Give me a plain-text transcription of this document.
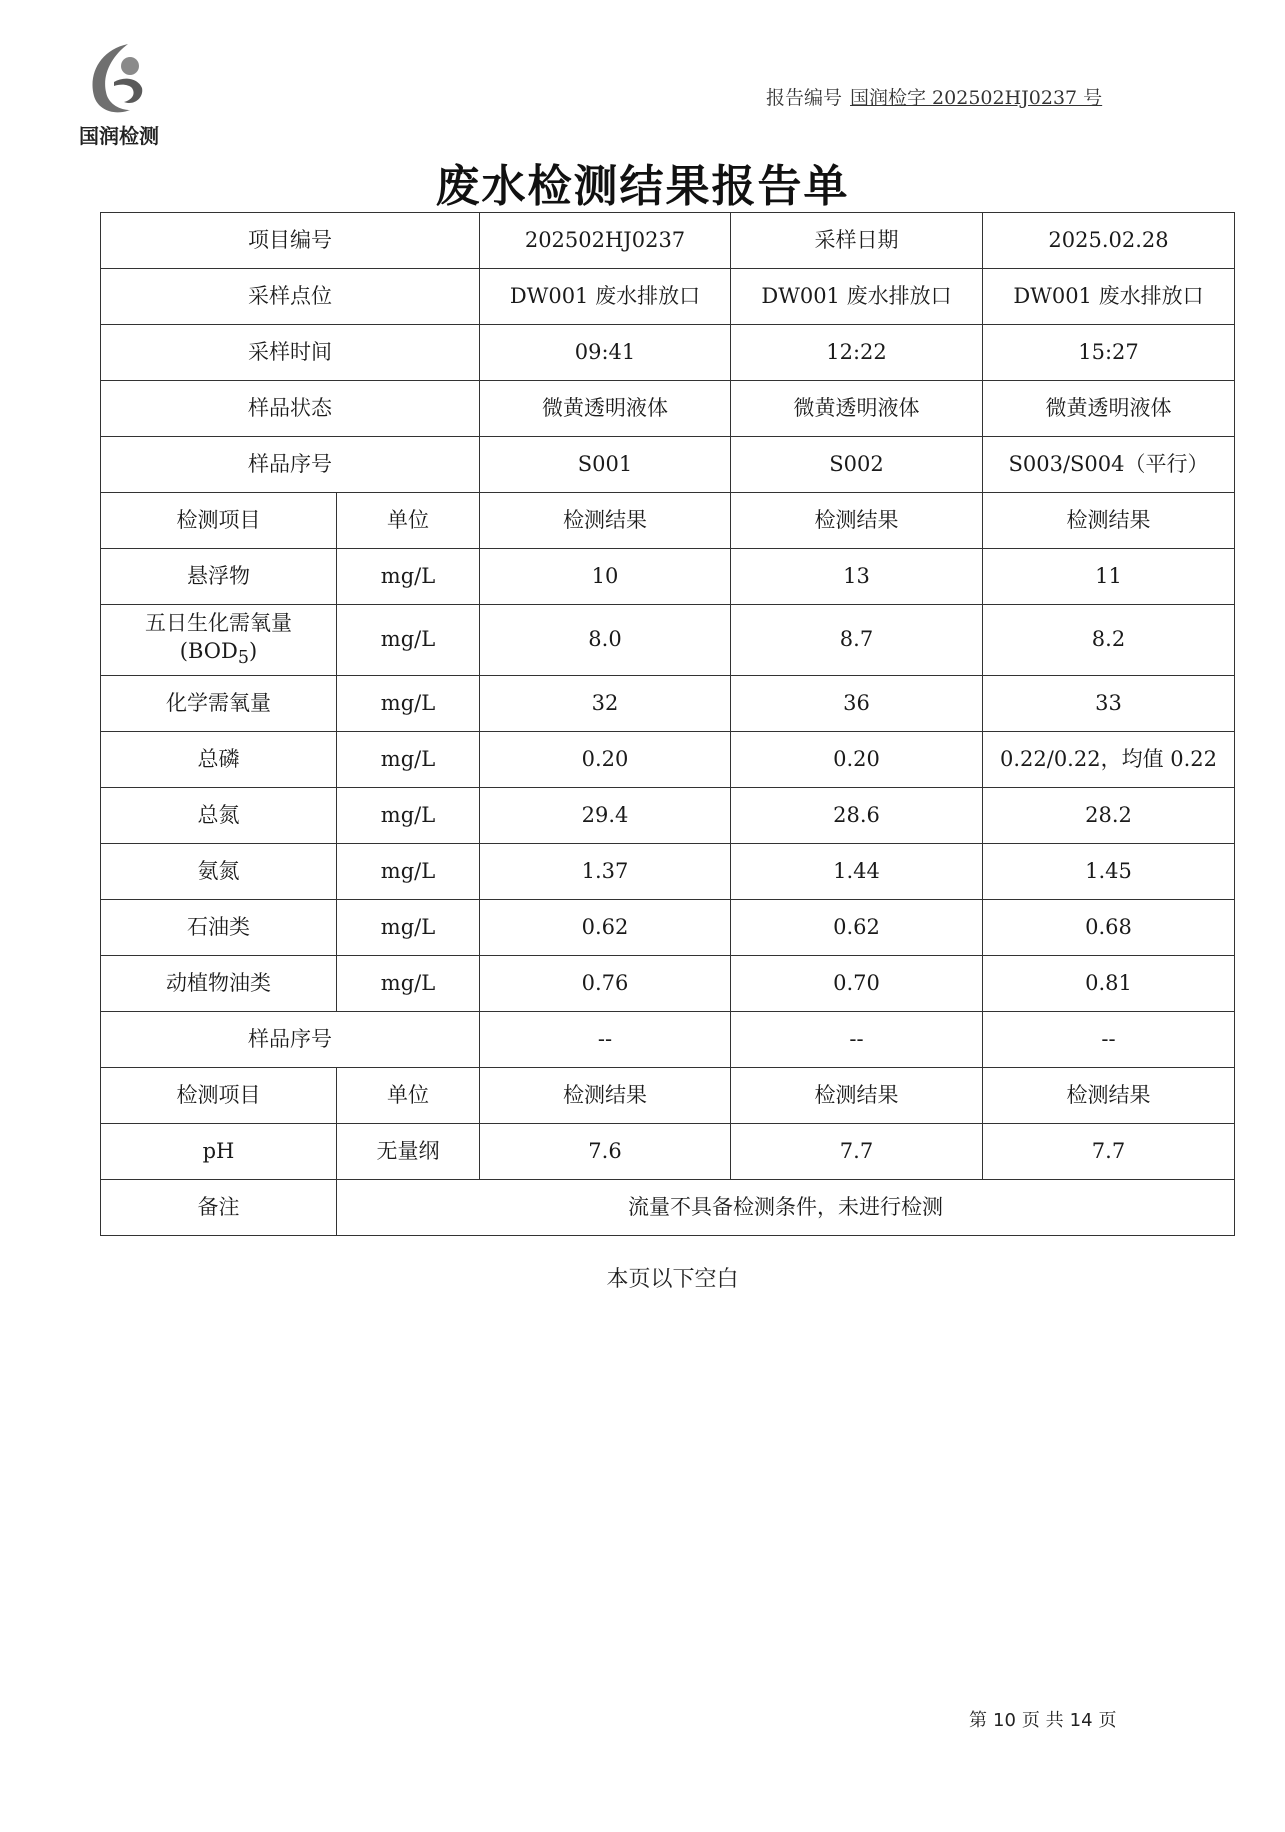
国润检测
报告编号 国润检字 202502HJ0237 号
废水检测结果报告单
项目编号		202502HJ0237	采样日期	2025.02.28
采样点位		DW001 废水排放口	DW001 废水排放口	DW001 废水排放口
采样时间		09:41	12:22	15:27
样品状态		微黄透明液体	微黄透明液体	微黄透明液体
样品序号		S001	S002	S003/S004（平行）
检测项目	单位	检测结果	检测结果	检测结果
悬浮物	mg/L	10	13	11
五日生化需氧量
$(BOD_5)$	mg/L	8.0	8.7	8.2
化学需氧量	mg/L	32	36	33
总磷	mg/L	0.20	0.20	0.22/0.22，均值 0.22
总氮	mg/L	29.4	28.6	28.2
氨氮	mg/L	1.37	1.44	1.45
石油类	mg/L	0.62	0.62	0.68
动植物油类	mg/L	0.76	0.70	0.81
样品序号		--	--	--
检测项目	单位	检测结果	检测结果	检测结果
pH	无量纲	7.6	7.7	7.7
备注	流量不具备检测条件，未进行检测			
本页以下空白
第 10 页 共 14 页
